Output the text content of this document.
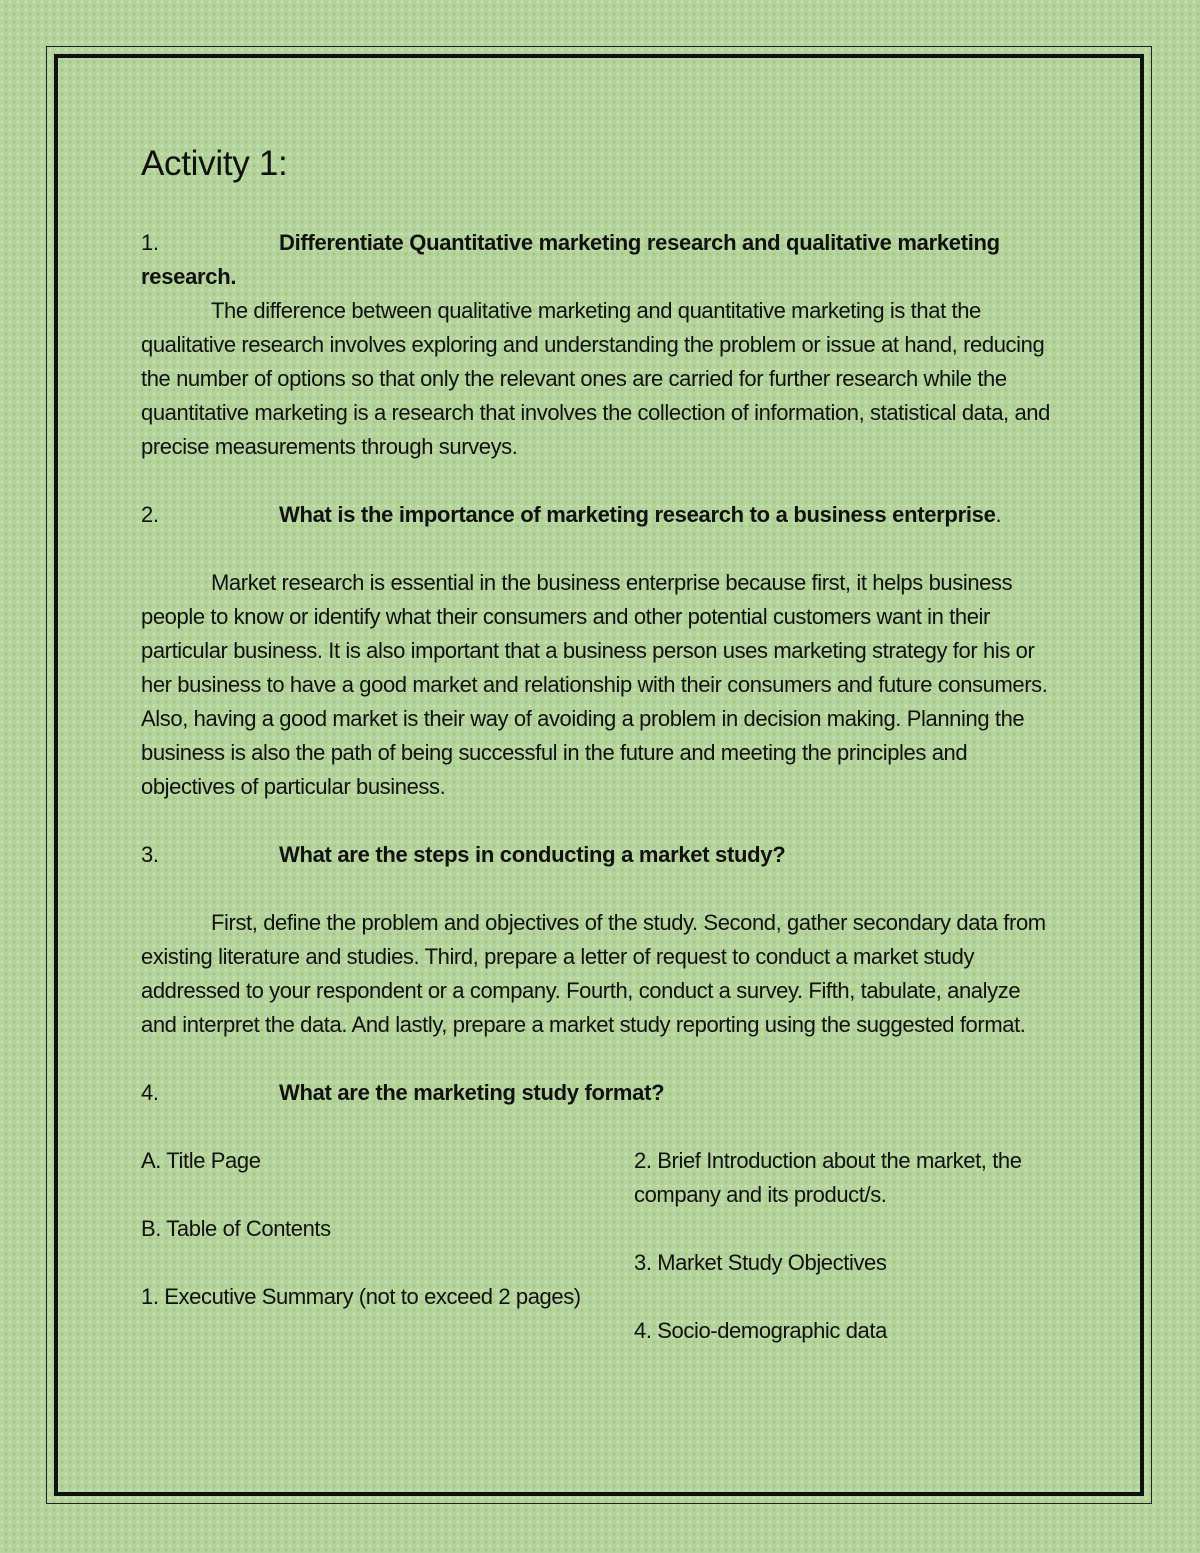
Activity 1:
1.	Differentiate Quantitative marketing research and qualitative marketing research.

The difference between qualitative marketing and quantitative marketing is that the qualitative research involves exploring and understanding the problem or issue at hand, reducing the number of options so that only the relevant ones are carried for further research while the quantitative marketing is a research that involves the collection of information, statistical data, and precise measurements through surveys.

2.	What is the importance of marketing research to a business enterprise.

Market research is essential in the business enterprise because first, it helps business people to know or identify what their consumers and other potential customers want in their particular business. It is also important that a business person uses marketing strategy for his or her business to have a good market and relationship with their consumers and future consumers. Also, having a good market is their way of avoiding a problem in decision making. Planning the business is also the path of being successful in the future and meeting the principles and objectives of particular business.

3.	What are the steps in conducting a market study?

First, define the problem and objectives of the study. Second, gather secondary data from existing literature and studies. Third, prepare a letter of request to conduct a market study addressed to your respondent or a company. Fourth, conduct a survey. Fifth, tabulate, analyze and interpret the data. And lastly, prepare a market study reporting using the suggested format.

4.	What are the marketing study format?

A. Title Page

B. Table of Contents

1. Executive Summary (not to exceed 2 pages)

2. Brief Introduction about the market, the company and its product/s.

3. Market Study Objectives

4. Socio-demographic data
